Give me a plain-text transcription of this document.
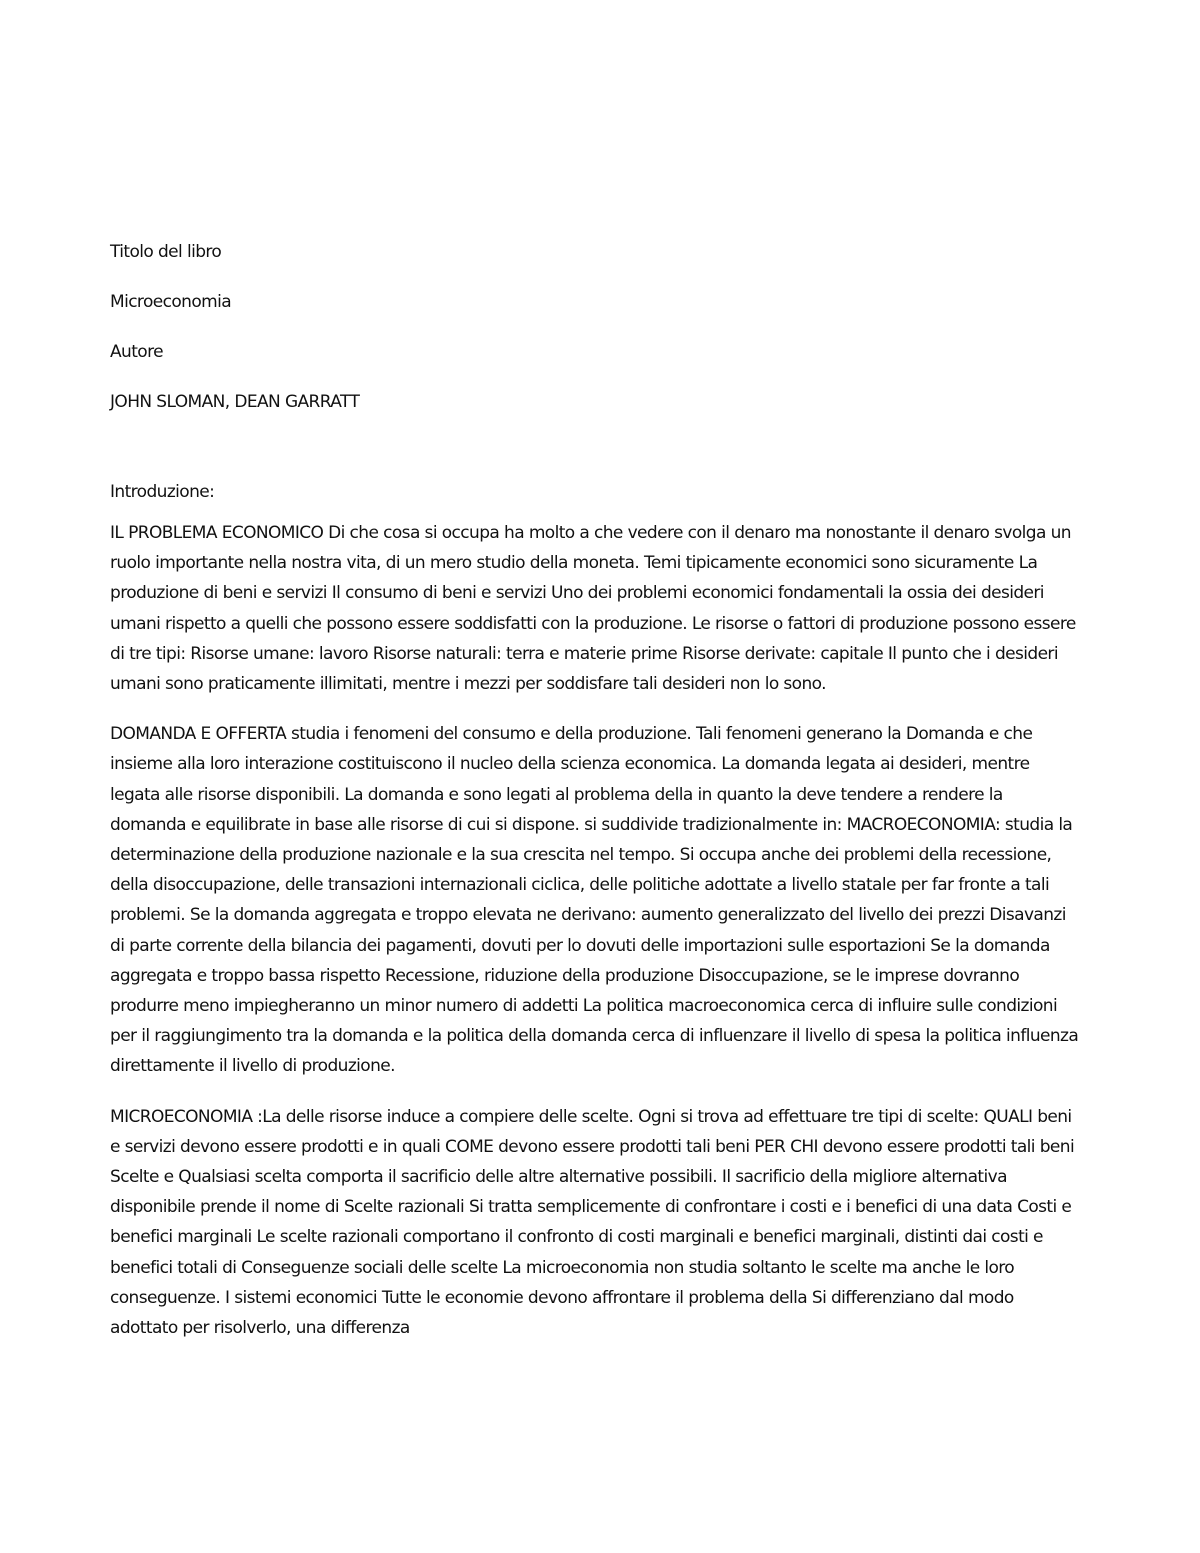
Titolo del libro

Microeconomia

Autore

JOHN SLOMAN, DEAN GARRATT

Introduzione:

IL PROBLEMA ECONOMICO Di che cosa si occupa ha molto a che vedere con il denaro ma nonostante il denaro svolga un ruolo importante nella nostra vita, di un mero studio della moneta. Temi tipicamente economici sono sicuramente La produzione di beni e servizi Il consumo di beni e servizi Uno dei problemi economici fondamentali la ossia dei desideri umani rispetto a quelli che possono essere soddisfatti con la produzione. Le risorse o fattori di produzione possono essere di tre tipi: Risorse umane: lavoro Risorse naturali: terra e materie prime Risorse derivate: capitale Il punto che i desideri umani sono praticamente illimitati, mentre i mezzi per soddisfare tali desideri non lo sono.

DOMANDA E OFFERTA studia i fenomeni del consumo e della produzione. Tali fenomeni generano la Domanda e che insieme alla loro interazione costituiscono il nucleo della scienza economica. La domanda legata ai desideri, mentre legata alle risorse disponibili. La domanda e sono legati al problema della in quanto la deve tendere a rendere la domanda e equilibrate in base alle risorse di cui si dispone. si suddivide tradizionalmente in: MACROECONOMIA: studia la determinazione della produzione nazionale e la sua crescita nel tempo. Si occupa anche dei problemi della recessione, della disoccupazione, delle transazioni internazionali ciclica, delle politiche adottate a livello statale per far fronte a tali problemi. Se la domanda aggregata e troppo elevata ne derivano: aumento generalizzato del livello dei prezzi Disavanzi di parte corrente della bilancia dei pagamenti, dovuti per lo dovuti delle importazioni sulle esportazioni Se la domanda aggregata e troppo bassa rispetto Recessione, riduzione della produzione Disoccupazione, se le imprese dovranno produrre meno impiegheranno un minor numero di addetti La politica macroeconomica cerca di influire sulle condizioni per il raggiungimento tra la domanda e la politica della domanda cerca di influenzare il livello di spesa la politica influenza direttamente il livello di produzione.

MICROECONOMIA :La delle risorse induce a compiere delle scelte. Ogni si trova ad effettuare tre tipi di scelte: QUALI beni e servizi devono essere prodotti e in quali COME devono essere prodotti tali beni PER CHI devono essere prodotti tali beni Scelte e Qualsiasi scelta comporta il sacrificio delle altre alternative possibili. Il sacrificio della migliore alternativa disponibile prende il nome di Scelte razionali Si tratta semplicemente di confrontare i costi e i benefici di una data Costi e benefici marginali Le scelte razionali comportano il confronto di costi marginali e benefici marginali, distinti dai costi e benefici totali di Conseguenze sociali delle scelte La microeconomia non studia soltanto le scelte ma anche le loro conseguenze. I sistemi economici Tutte le economie devono affrontare il problema della Si differenziano dal modo adottato per risolverlo, una differenza
